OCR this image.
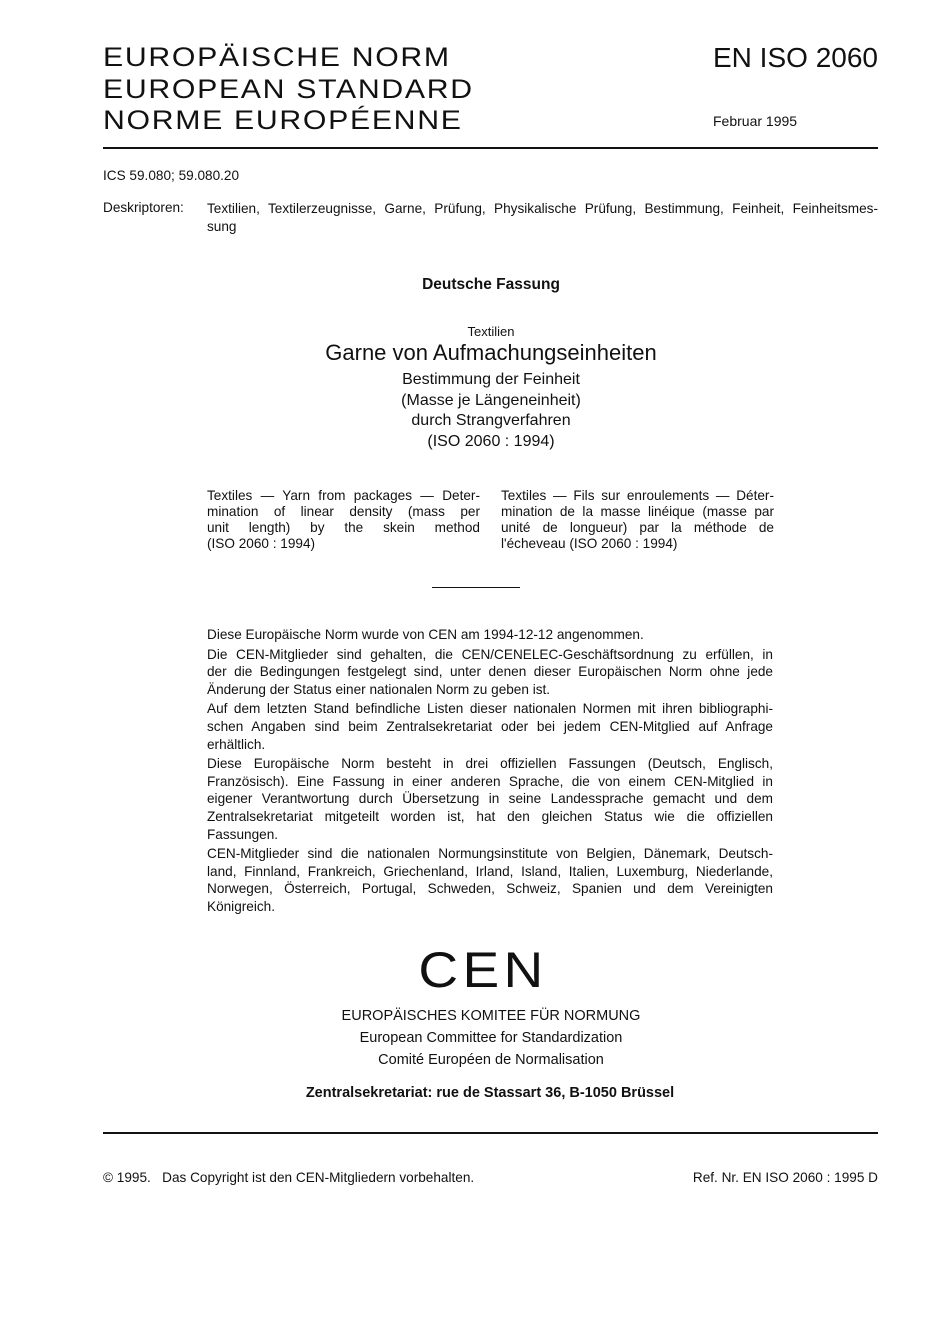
EUROPÄISCHE NORM
EUROPEAN STANDARD
NORME EUROPÉENNE
EN ISO 2060
Februar 1995
ICS 59.080; 59.080.20
Deskriptoren: Textilien, Textilerzeugnisse, Garne, Prüfung, Physikalische Prüfung, Bestimmung, Feinheit, Feinheitsmes-
sung
Deutsche Fassung
Textilien
Garne von Aufmachungseinheiten
Bestimmung der Feinheit
(Masse je Längeneinheit)
durch Strangverfahren
(ISO 2060 : 1994)
Textiles — Yarn from packages — Deter-
mination of linear density (mass per
unit length) by the skein method
(ISO 2060 : 1994)
Textiles — Fils sur enroulements — Déter-
mination de la masse linéique (masse par
unité de longueur) par la méthode de
l'écheveau (ISO 2060 : 1994)
Diese Europäische Norm wurde von CEN am 1994-12-12 angenommen.
Die CEN-Mitglieder sind gehalten, die CEN/CENELEC-Geschäftsordnung zu erfüllen, in
der die Bedingungen festgelegt sind, unter denen dieser Europäischen Norm ohne jede
Änderung der Status einer nationalen Norm zu geben ist.
Auf dem letzten Stand befindliche Listen dieser nationalen Normen mit ihren bibliographi-
schen Angaben sind beim Zentralsekretariat oder bei jedem CEN-Mitglied auf Anfrage
erhältlich.
Diese Europäische Norm besteht in drei offiziellen Fassungen (Deutsch, Englisch,
Französisch). Eine Fassung in einer anderen Sprache, die von einem CEN-Mitglied in
eigener Verantwortung durch Übersetzung in seine Landessprache gemacht und dem
Zentralsekretariat mitgeteilt worden ist, hat den gleichen Status wie die offiziellen
Fassungen.
CEN-Mitglieder sind die nationalen Normungsinstitute von Belgien, Dänemark, Deutsch-
land, Finnland, Frankreich, Griechenland, Irland, Island, Italien, Luxemburg, Niederlande,
Norwegen, Österreich, Portugal, Schweden, Schweiz, Spanien und dem Vereinigten
Königreich.
CEN
EUROPÄISCHES KOMITEE FÜR NORMUNG
European Committee for Standardization
Comité Européen de Normalisation
Zentralsekretariat: rue de Stassart 36, B-1050 Brüssel
© 1995.   Das Copyright ist den CEN-Mitgliedern vorbehalten.	Ref. Nr. EN ISO 2060 : 1995 D
